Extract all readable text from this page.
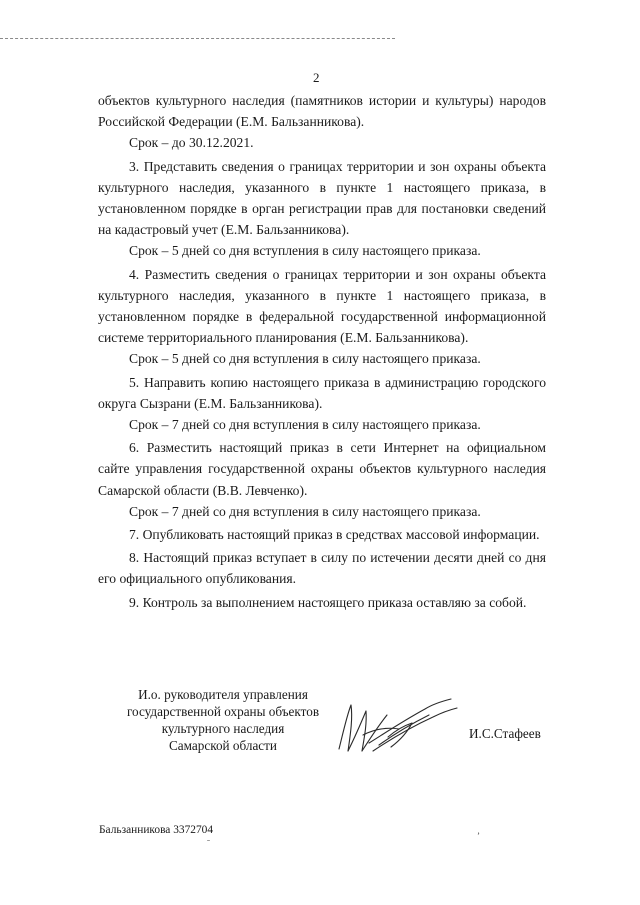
2

объектов культурного наследия (памятников истории и культуры) народов Российской Федерации (Е.М. Бальзанникова).

Срок – до 30.12.2021.

3. Представить сведения о границах территории и зон охраны объекта культурного наследия, указанного в пункте 1 настоящего приказа, в установленном порядке в орган регистрации прав для постановки сведений на кадастровый учет (Е.М. Бальзанникова).

Срок – 5 дней со дня вступления в силу настоящего приказа.

4. Разместить сведения о границах территории и зон охраны объекта культурного наследия, указанного в пункте 1 настоящего приказа, в установленном порядке в федеральной государственной информационной системе территориального планирования (Е.М. Бальзанникова).

Срок – 5 дней со дня вступления в силу настоящего приказа.

5. Направить копию настоящего приказа в администрацию городского округа Сызрани (Е.М. Бальзанникова).

Срок – 7 дней со дня вступления в силу настоящего приказа.

6. Разместить настоящий приказ в сети Интернет на официальном сайте управления государственной охраны объектов культурного наследия Самарской области (В.В. Левченко).

Срок – 7 дней со дня вступления в силу настоящего приказа.

7. Опубликовать настоящий приказ в средствах массовой информации.

8. Настоящий приказ вступает в силу по истечении десяти дней со дня его официального опубликования.

9. Контроль за выполнением настоящего приказа оставляю за собой.

И.о. руководителя управления
государственной охраны объектов
культурного наследия
Самарской области
И.С.Стафеев
Бальзанникова 3372704
ˉ
ʼ
